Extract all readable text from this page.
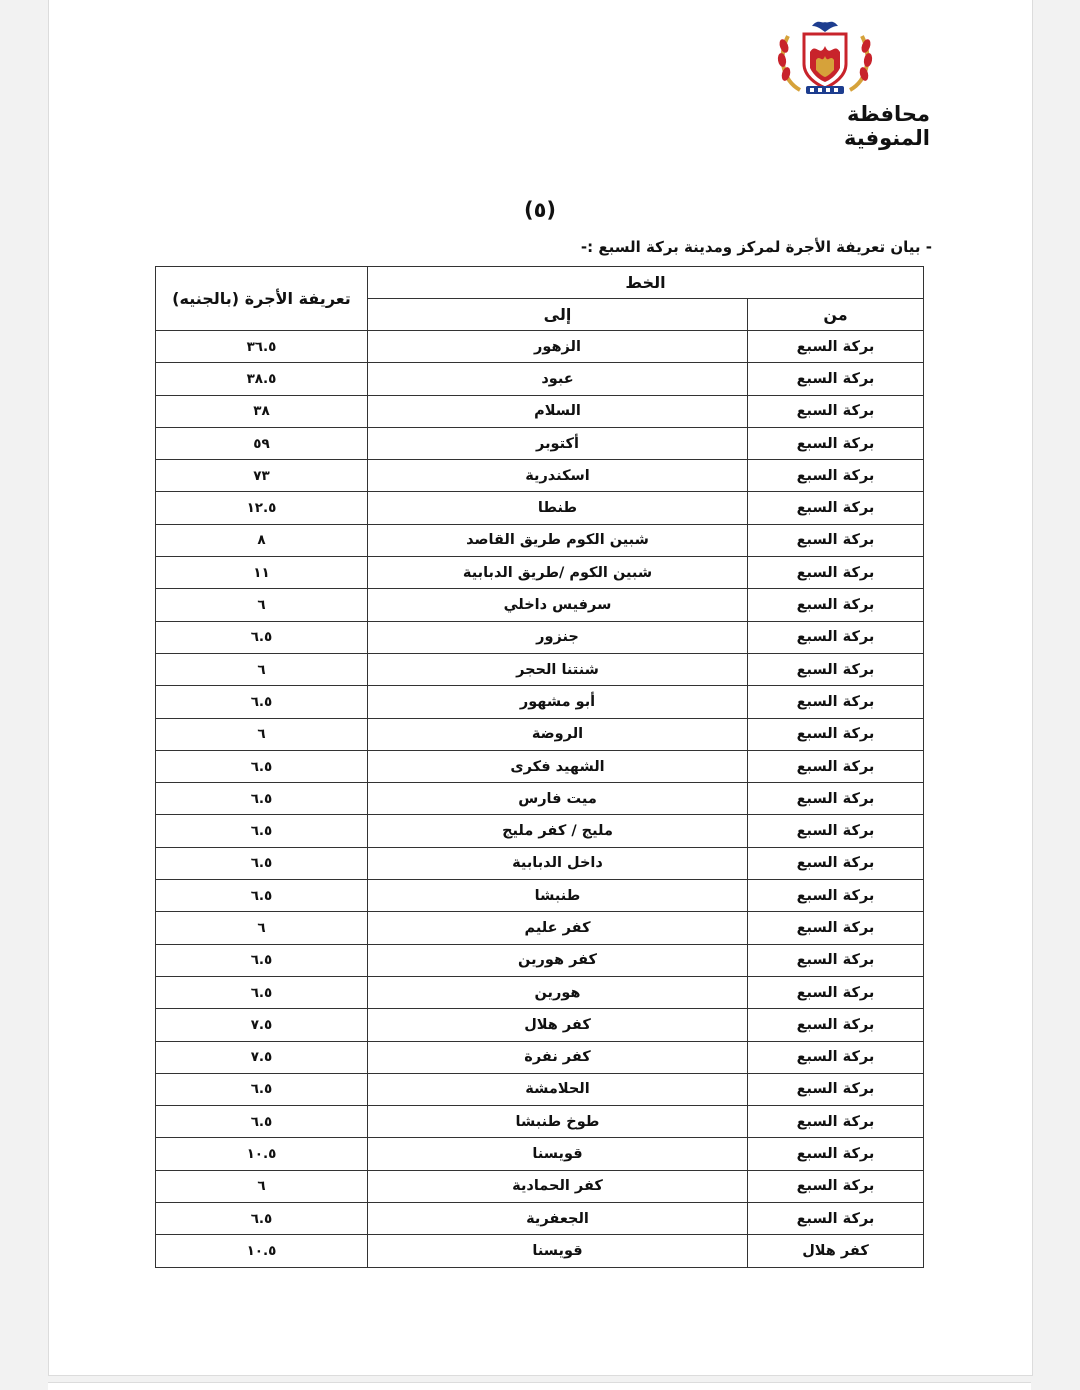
محافظة المنوفية
(٥)
- بيان تعريفة الأجرة لمركز ومدينة بركة السبع :-
الخط		تعريفة الأجرة (بالجنيه)
من	إلى	
بركة السبع	الزهور	٣٦.٥
بركة السبع	عبود	٣٨.٥
بركة السبع	السلام	٣٨
بركة السبع	أكتوبر	٥٩
بركة السبع	اسكندرية	٧٣
بركة السبع	طنطا	١٢.٥
بركة السبع	شبين الكوم طريق القاصد	٨
بركة السبع	شبين الكوم /طريق الدبابية	١١
بركة السبع	سرفيس داخلي	٦
بركة السبع	جنزور	٦.٥
بركة السبع	شنتنا الحجر	٦
بركة السبع	أبو مشهور	٦.٥
بركة السبع	الروضة	٦
بركة السبع	الشهيد فكرى	٦.٥
بركة السبع	ميت فارس	٦.٥
بركة السبع	مليج / كفر مليج	٦.٥
بركة السبع	داخل الدبابية	٦.٥
بركة السبع	طنبشا	٦.٥
بركة السبع	كفر عليم	٦
بركة السبع	كفر هورين	٦.٥
بركة السبع	هورين	٦.٥
بركة السبع	كفر هلال	٧.٥
بركة السبع	كفر نفرة	٧.٥
بركة السبع	الحلامشة	٦.٥
بركة السبع	طوخ طنبشا	٦.٥
بركة السبع	قويسنا	١٠.٥
بركة السبع	كفر الحمادية	٦
بركة السبع	الجعفرية	٦.٥
كفر هلال	قويسنا	١٠.٥
